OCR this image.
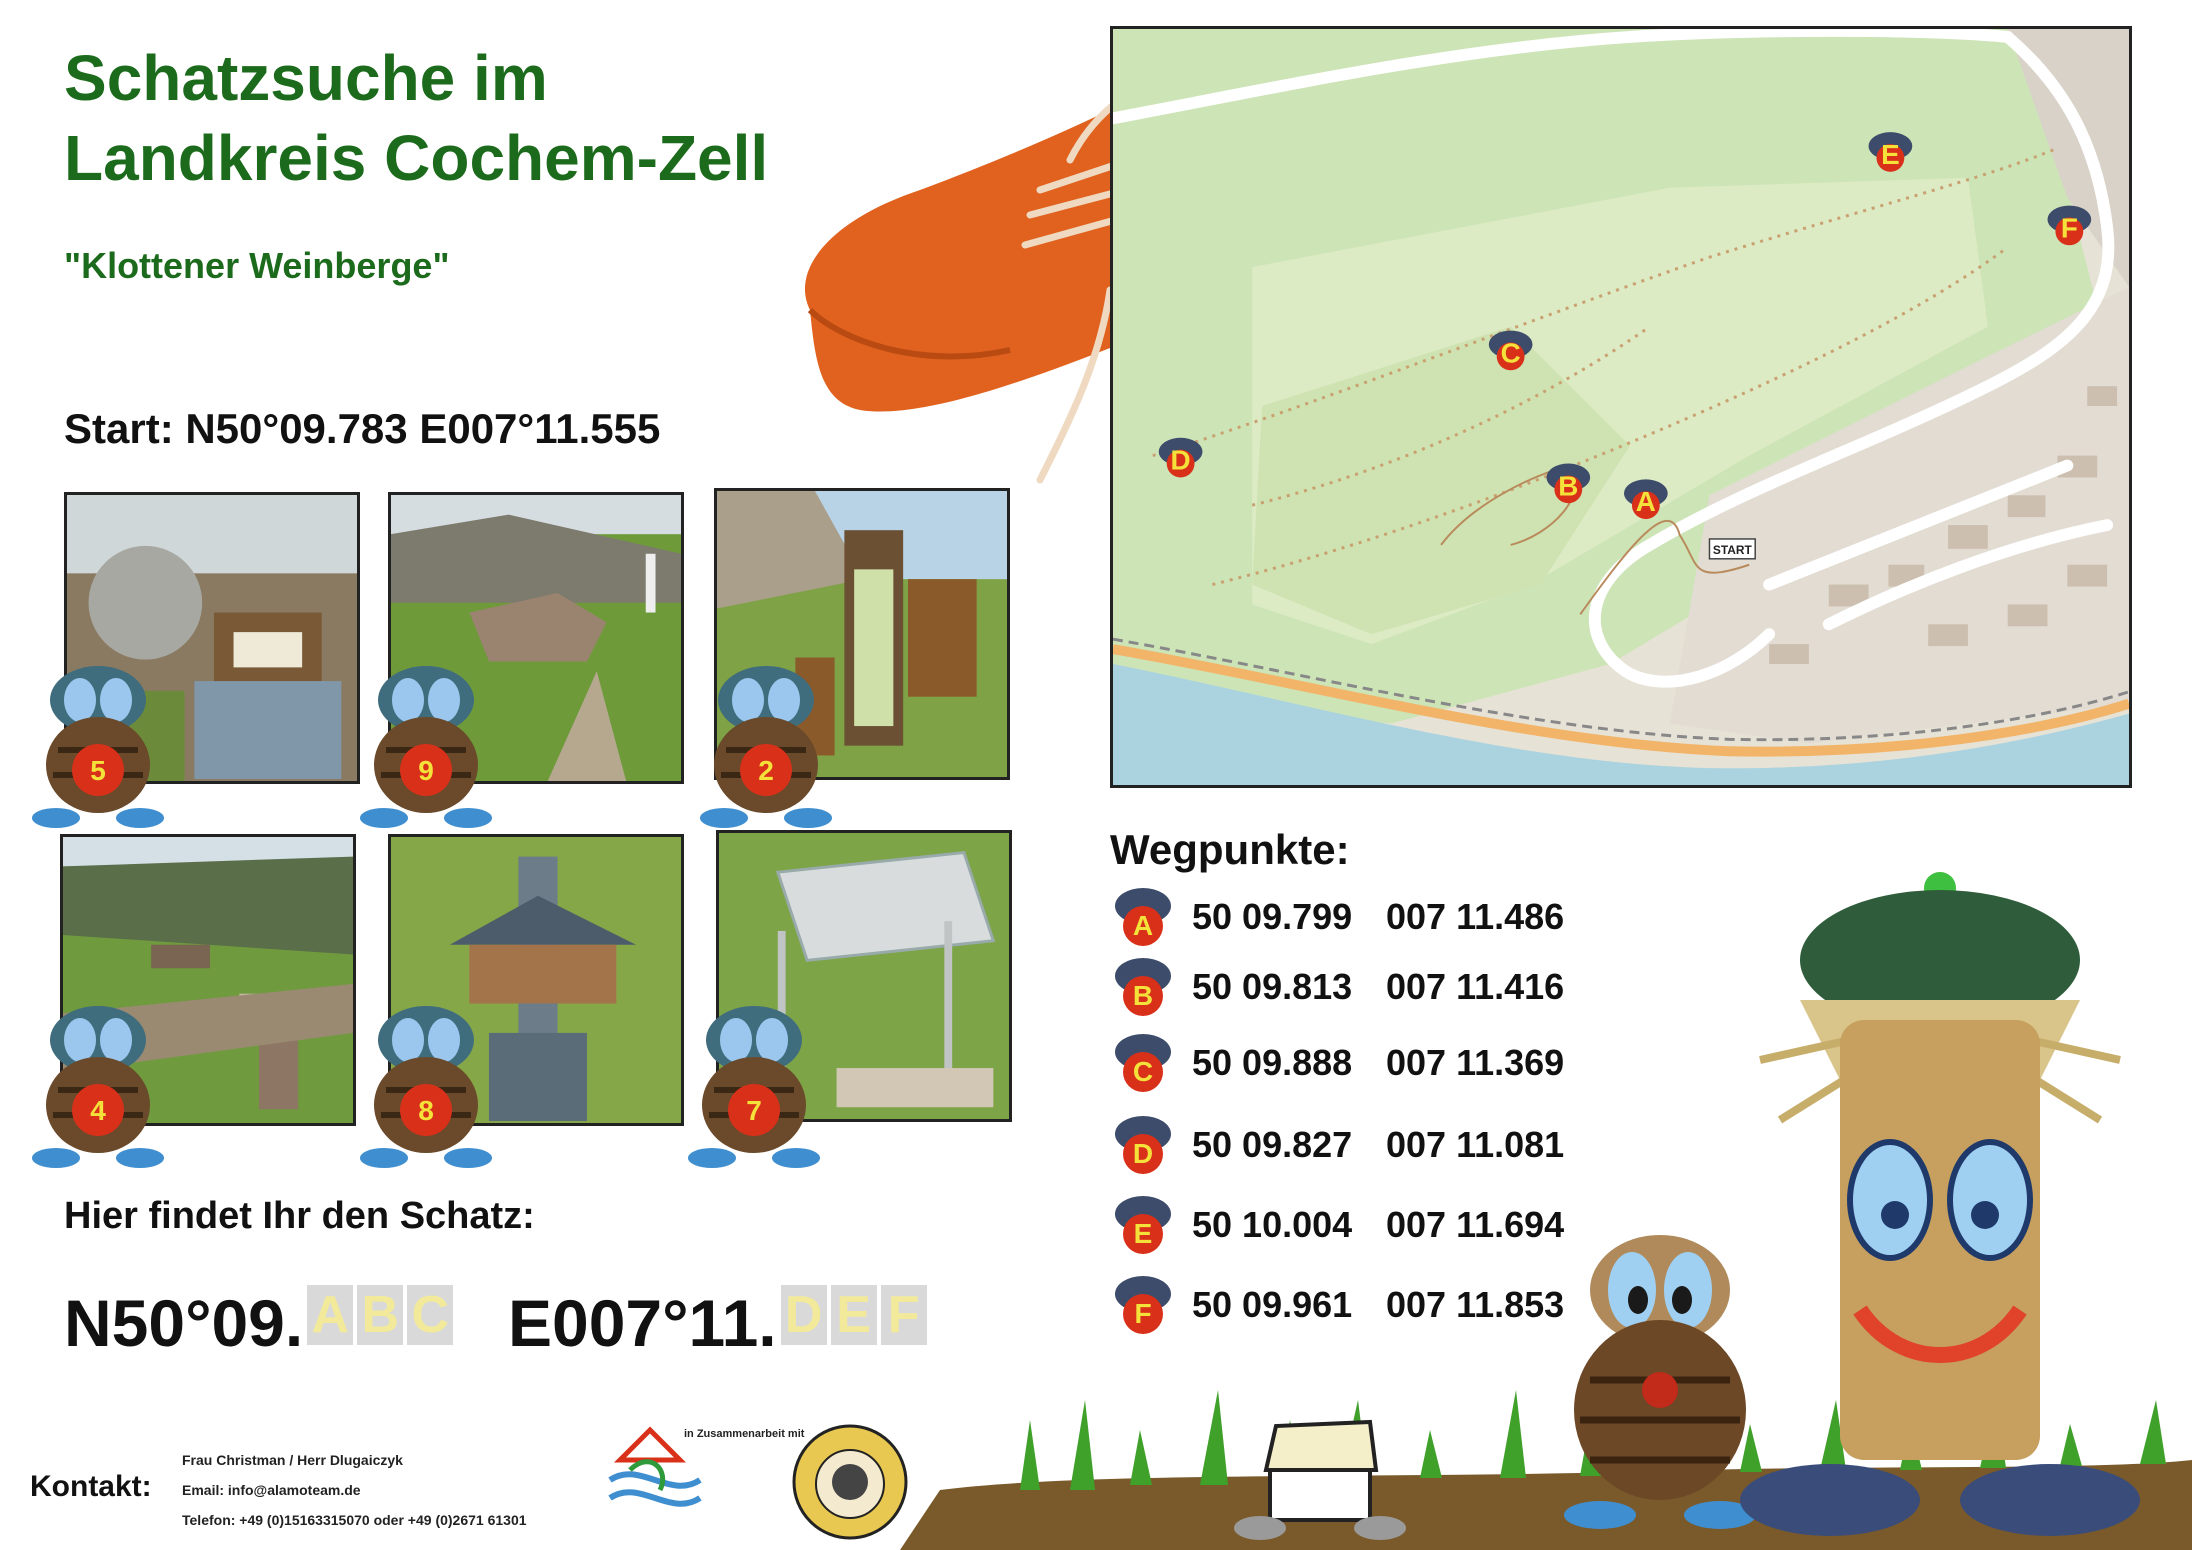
Schatzsuche im
Landkreis Cochem-Zell
"Klottener Weinberge"
Start: N50°09.783 E007°11.555
START
E
F
C
D
B
A
5	9	2
4	8	7
Wegpunkte:
A 50 09.799 007 11.486
B 50 09.813 007 11.416
C 50 09.888 007 11.369
D 50 09.827 007 11.081
E 50 10.004 007 11.694
F 50 09.961 007 11.853
Hier findet Ihr den Schatz:
N50°09. A B C E007°11. D E F
Kontakt:
Frau Christman / Herr Dlugaiczyk
Email: info@alamoteam.de
Telefon: +49 (0)15163315070 oder +49 (0)2671 61301
in Zusammenarbeit mit
